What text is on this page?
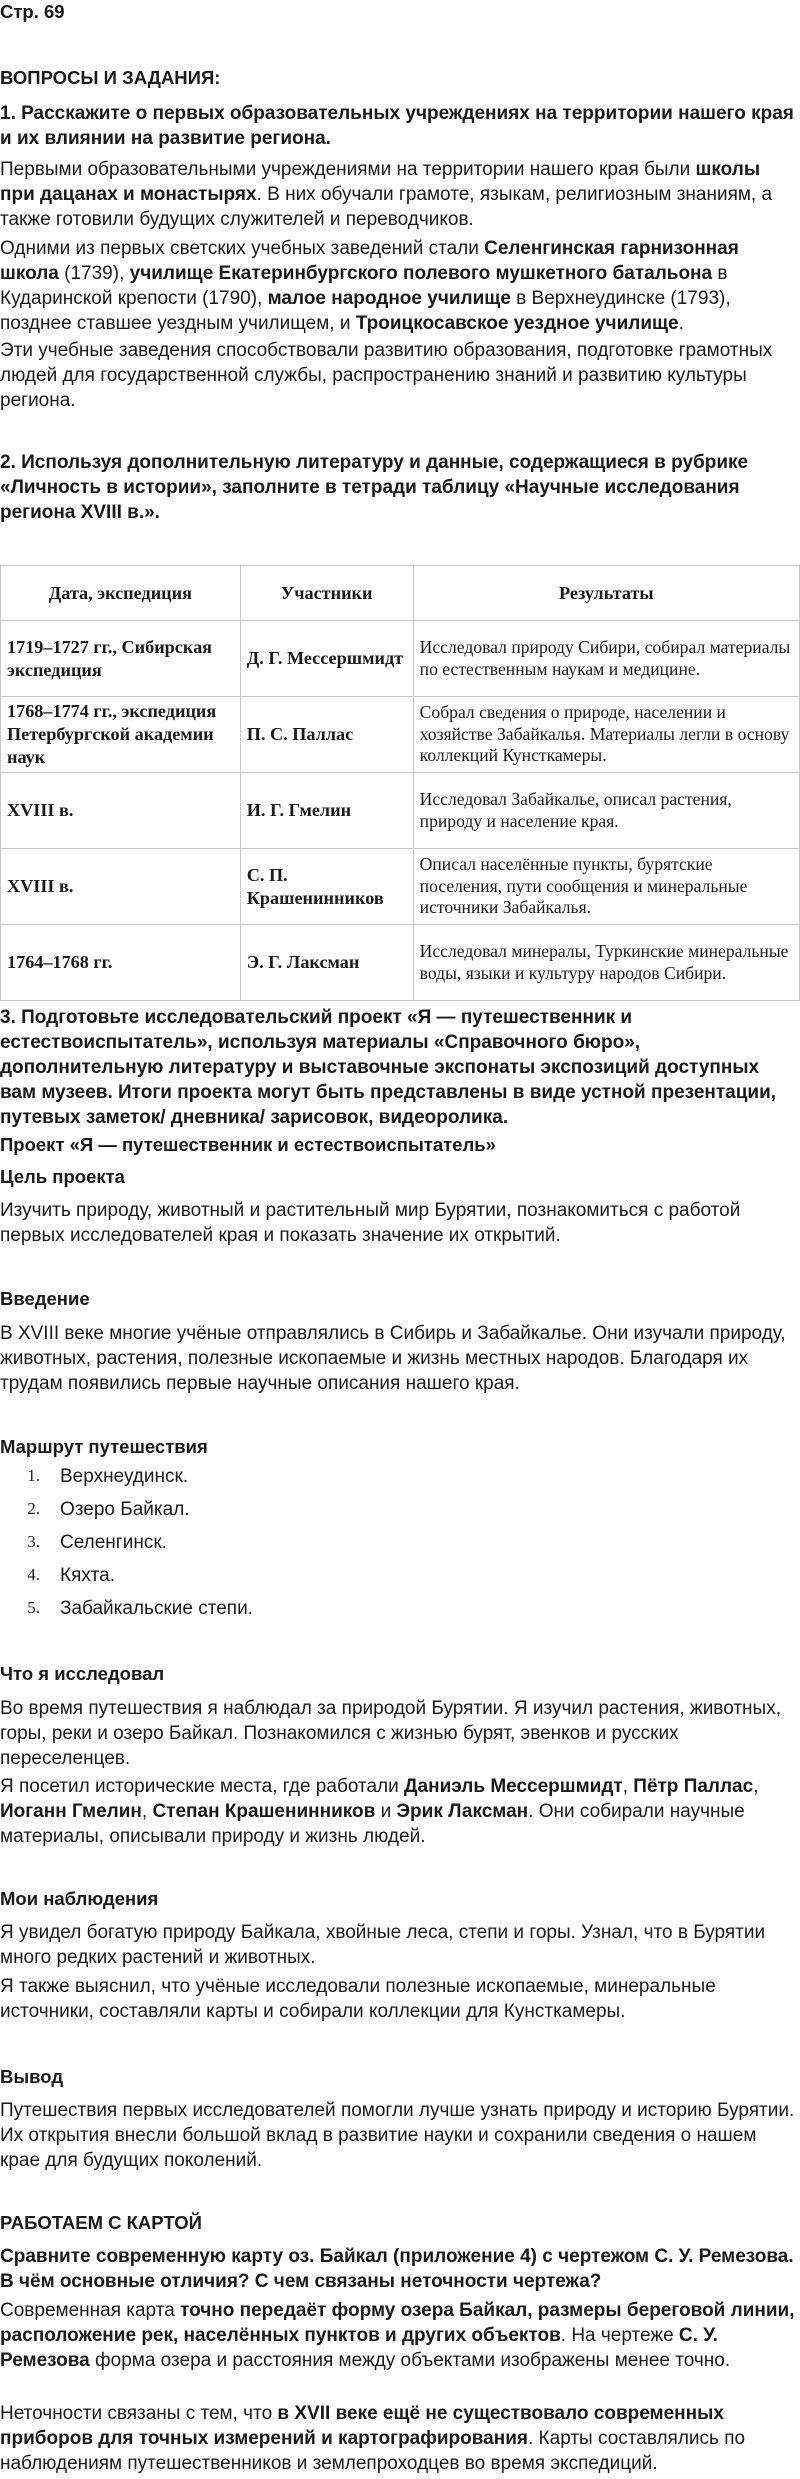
Стр. 69

ВОПРОСЫ И ЗАДАНИЯ:

1. Расскажите о первых образовательных учреждениях на территории нашего края и их влиянии на развитие региона.

Первыми образовательными учреждениями на территории нашего края были школы при дацанах и монастырях. В них обучали грамоте, языкам, религиозным знаниям, а также готовили будущих служителей и переводчиков.

Одними из первых светских учебных заведений стали Селенгинская гарнизонная школа (1739), училище Екатеринбургского полевого мушкетного батальона в Кударинской крепости (1790), малое народное училище в Верхнеудинске (1793), позднее ставшее уездным училищем, и Троицкосавское уездное училище.

Эти учебные заведения способствовали развитию образования, подготовке грамотных людей для государственной службы, распространению знаний и развитию культуры региона.

2. Используя дополнительную литературу и данные, содержащиеся в рубрике «Личность в истории», заполните в тетради таблицу «Научные исследования региона XVIII в.».

Дата, экспедиция	Участники	Результаты
1719–1727 гг., Сибирская экспедиция	Д. Г. Мессершмидт	Исследовал природу Сибири, собирал материалы по естественным наукам и медицине.
1768–1774 гг., экспедиция Петербургской академии наук	П. С. Паллас	Собрал сведения о природе, населении и хозяйстве Забайкалья. Материалы легли в основу коллекций Кунсткамеры.
XVIII в.	И. Г. Гмелин	Исследовал Забайкалье, описал растения, природу и население края.
XVIII в.	С. П. Крашенинников	Описал населённые пункты, бурятские поселения, пути сообщения и минеральные источники Забайкалья.
1764–1768 гг.	Э. Г. Лаксман	Исследовал минералы, Туркинские минеральные воды, языки и культуру народов Сибири.

3. Подготовьте исследовательский проект «Я — путешественник и естествоиспытатель», используя материалы «Справочного бюро», дополнительную литературу и выставочные экспонаты экспозиций доступных вам музеев. Итоги проекта могут быть представлены в виде устной презентации, путевых заметок/ дневника/ зарисовок, видеоролика.

Проект «Я — путешественник и естествоиспытатель»

Цель проекта

Изучить природу, животный и растительный мир Бурятии, познакомиться с работой первых исследователей края и показать значение их открытий.

Введение

В XVIII веке многие учёные отправлялись в Сибирь и Забайкалье. Они изучали природу, животных, растения, полезные ископаемые и жизнь местных народов. Благодаря их трудам появились первые научные описания нашего края.

Маршрут путешествия

1.	Верхнеудинск.
2.	Озеро Байкал.
3.	Селенгинск.
4.	Кяхта.
5.	Забайкальские степи.

Что я исследовал

Во время путешествия я наблюдал за природой Бурятии. Я изучил растения, животных, горы, реки и озеро Байкал. Познакомился с жизнью бурят, эвенков и русских переселенцев.

Я посетил исторические места, где работали Даниэль Мессершмидт, Пётр Паллас, Иоганн Гмелин, Степан Крашенинников и Эрик Лаксман. Они собирали научные материалы, описывали природу и жизнь людей.

Мои наблюдения

Я увидел богатую природу Байкала, хвойные леса, степи и горы. Узнал, что в Бурятии много редких растений и животных.

Я также выяснил, что учёные исследовали полезные ископаемые, минеральные источники, составляли карты и собирали коллекции для Кунсткамеры.

Вывод

Путешествия первых исследователей помогли лучше узнать природу и историю Бурятии. Их открытия внесли большой вклад в развитие науки и сохранили сведения о нашем крае для будущих поколений.

РАБОТАЕМ С КАРТОЙ

Сравните современную карту оз. Байкал (приложение 4) с чертежом С. У. Ремезова. В чём основные отличия? С чем связаны неточности чертежа?

Современная карта точно передаёт форму озера Байкал, размеры береговой линии, расположение рек, населённых пунктов и других объектов. На чертеже С. У. Ремезова форма озера и расстояния между объектами изображены менее точно.

Неточности связаны с тем, что в XVII веке ещё не существовало современных приборов для точных измерений и картографирования. Карты составлялись по наблюдениям путешественников и землепроходцев во время экспедиций.
